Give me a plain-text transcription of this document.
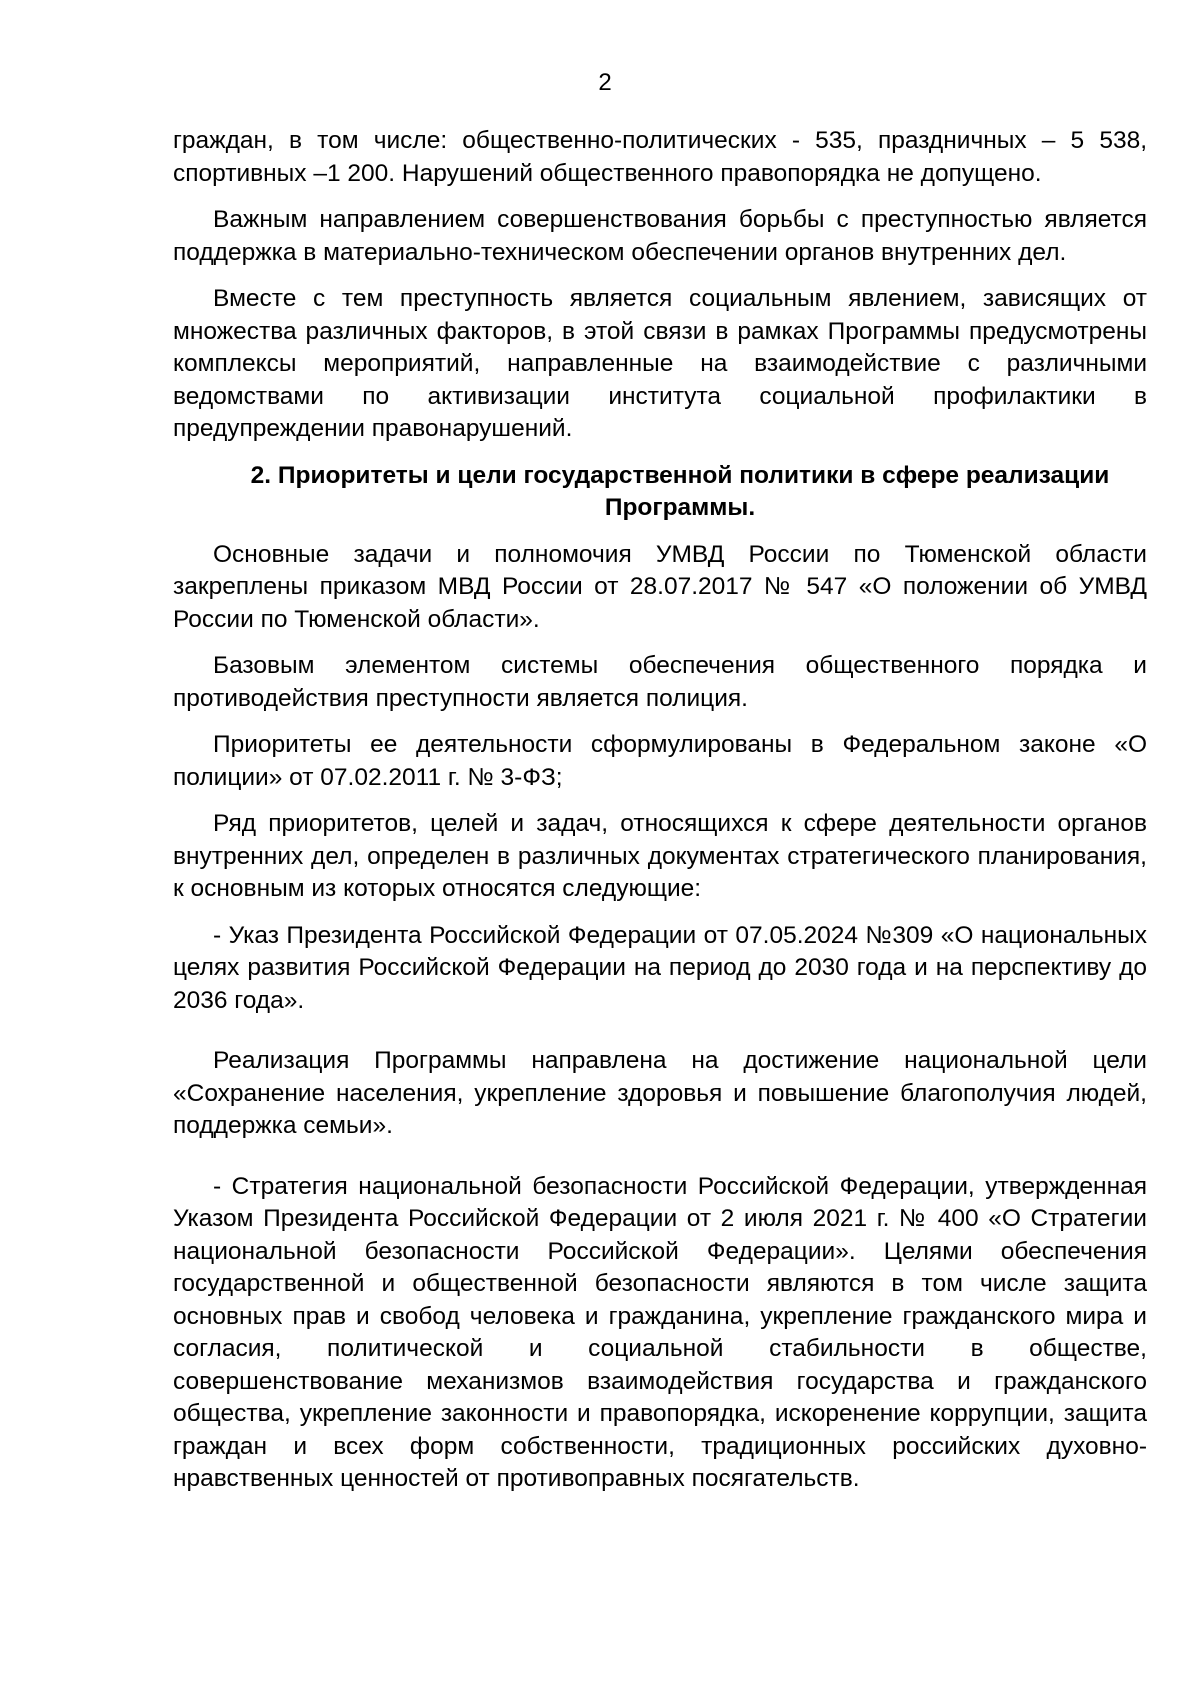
2

граждан, в том числе: общественно-политических - 535, праздничных – 5 538, спортивных –1 200. Нарушений общественного правопорядка не допущено.

Важным направлением совершенствования борьбы с преступностью является поддержка в материально-техническом обеспечении органов внутренних дел.

Вместе с тем преступность является социальным явлением, зависящих от множества различных факторов, в этой связи в рамках Программы предусмотрены комплексы мероприятий, направленные на взаимодействие с различными ведомствами по активизации института социальной профилактики в предупреждении правонарушений.

2. Приоритеты и цели государственной политики в сфере реализации Программы.

Основные задачи и полномочия УМВД России по Тюменской области закреплены приказом МВД России от 28.07.2017 № 547 «О положении об УМВД России по Тюменской области».

Базовым элементом системы обеспечения общественного порядка и противодействия преступности является полиция.

Приоритеты ее деятельности сформулированы в Федеральном законе «О полиции» от 07.02.2011 г. № 3-ФЗ;

Ряд приоритетов, целей и задач, относящихся к сфере деятельности органов внутренних дел, определен в различных документах стратегического планирования, к основным из которых относятся следующие:

- Указ Президента Российской Федерации от 07.05.2024 №309 «О национальных целях развития Российской Федерации на период до 2030 года и на перспективу до 2036 года».

Реализация Программы направлена на достижение национальной цели «Сохранение населения, укрепление здоровья и повышение благополучия людей, поддержка семьи».

- Стратегия национальной безопасности Российской Федерации, утвержденная Указом Президента Российской Федерации от 2 июля 2021 г. № 400 «О Стратегии национальной безопасности Российской Федерации». Целями обеспечения государственной и общественной безопасности являются в том числе защита основных прав и свобод человека и гражданина, укрепление гражданского мира и согласия, политической и социальной стабильности в обществе, совершенствование механизмов взаимодействия государства и гражданского общества, укрепление законности и правопорядка, искоренение коррупции, защита граждан и всех форм собственности, традиционных российских духовно-нравственных ценностей от противоправных посягательств.
